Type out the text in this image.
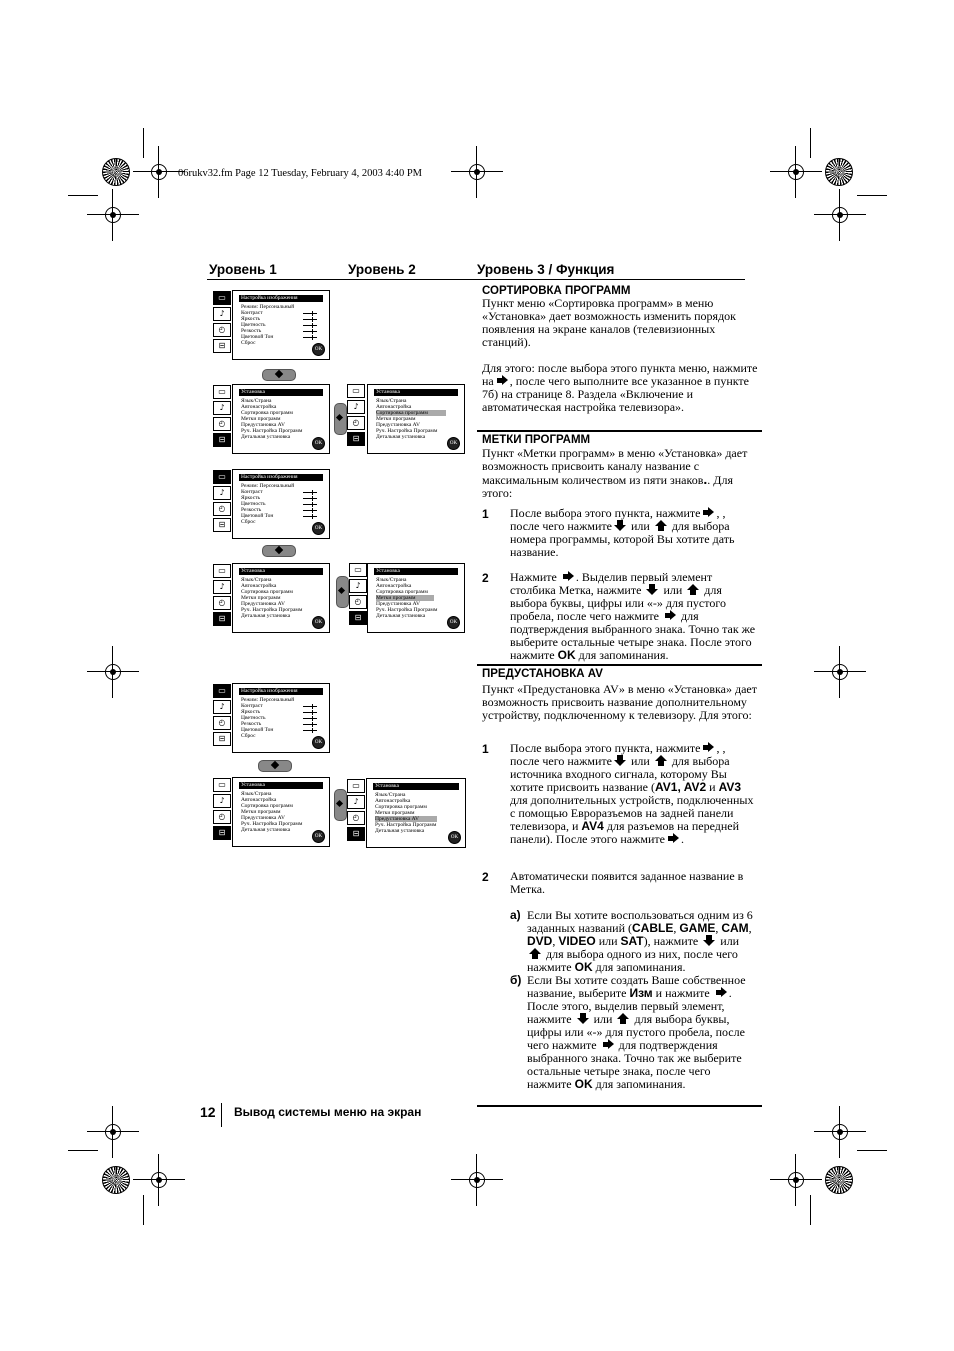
06rukv32.fm Page 12 Tuesday, February 4, 2003 4:40 PM
Уровень 1	Уровень 2	Уровень 3 / Функция
▭
♪
◴
⊟
Настройка изображения
Режим: Персональный
Контраст
Яркость
Цветность
Резкость
Цветовой Тон
Сброс
OK
▭
♪
◴
⊟
Установка
Язык/Страна
Автонастройка
Сортировка программ
Метки программ
Предустановка AV
Руч. Настройка Программ
Детальная установка
OK
▭
♪
◴
⊟
Установка
Язык/Страна
Автонастройка
Сортировка программ
Метки программ
Предустановка AV
Руч. Настройка Программ
Детальная установка
OK
▭
♪
◴
⊟
Настройка изображения
Режим: Персональный
Контраст
Яркость
Цветность
Резкость
Цветовой Тон
Сброс
OK
▭
♪
◴
⊟
Установка
Язык/Страна
Автонастройка
Сортировка программ
Метки программ
Предустановка AV
Руч. Настройка Программ
Детальная установка
OK
▭
♪
◴
⊟
Установка
Язык/Страна
Автонастройка
Сортировка программ
Метки программ
Предустановка AV
Руч. Настройка Программ
Детальная установка
OK
▭
♪
◴
⊟
Настройка изображения
Режим: Персональный
Контраст
Яркость
Цветность
Резкость
Цветовой Тон
Сброс
OK
▭
♪
◴
⊟
Установка
Язык/Страна
Автонастройка
Сортировка программ
Метки программ
Предустановка AV
Руч. Настройка Программ
Детальная установка
OK
▭
♪
◴
⊟
Установка
Язык/Страна
Автонастройка
Сортировка программ
Метки программ
Предустановка AV
Руч. Настройка Программ
Детальная установка
OK
СОРТИРОВКА ПРОГРАММ
Пункт меню «Сортировка программ» в меню «Установка» дает возможность изменить порядок появления на экране каналов (телевизионных станций).
Для этого: после выбора этого пункта меню, нажмите на , после чего выполните все указанное в пункте 7б) на странице 8. Раздела «Включение и автоматическая настройка телевизора».
МЕТКИ ПРОГРАММ
Пункт «Метки программ» в меню «Установка» дает возможность присвоить каналу название с максимальным количеством из пяти знаков.. Для этого:
1 После выбора этого пункта, нажмите , , после чего нажмите или для выбора номера программы, которой Вы хотите дать название.
2 Нажмите . Выделив первый элемент столбика Метка, нажмите или для выбора буквы, цифры или «-» для пустого пробела, после чего нажмите для подтверждения выбранного знака. Точно так же выберите остальные четыре знака. После этого нажмите OK для запоминания.
ПРЕДУСТАНОВКА AV
Пункт «Предустановка AV» в меню «Установка» дает возможность присвоить название дополнительному устройству, подключенному к телевизору. Для этого:
1 После выбора этого пункта, нажмите , , после чего нажмите или для выбора источника входного сигнала, которому Вы хотите присвоить название (AV1, AV2 и AV3 для дополнительных устройств, подключенных с помощью Евроразъемов на задней панели телевизора, и AV4 для разъемов на передней панели). После этого нажмите .
2 Автоматически появится заданное название в Метка.
а) Если Вы хотите воспользоваться одним из 6 заданных названий (CABLE, GAME, CAM, DVD, VIDEO или SAT), нажмите или  для выбора одного из них, после чего нажмите OK для запоминания.
б) Если Вы хотите создать Ваше собственное название, выберите Изм и нажмите . После этого, выделив первый элемент, нажмите или для выбора буквы, цифры или «-» для пустого пробела, после чего нажмите для подтверждения выбранного знака. Точно так же выберите остальные четыре знака, после чего нажмите OK для запоминания.
12 Вывод системы меню на экран
